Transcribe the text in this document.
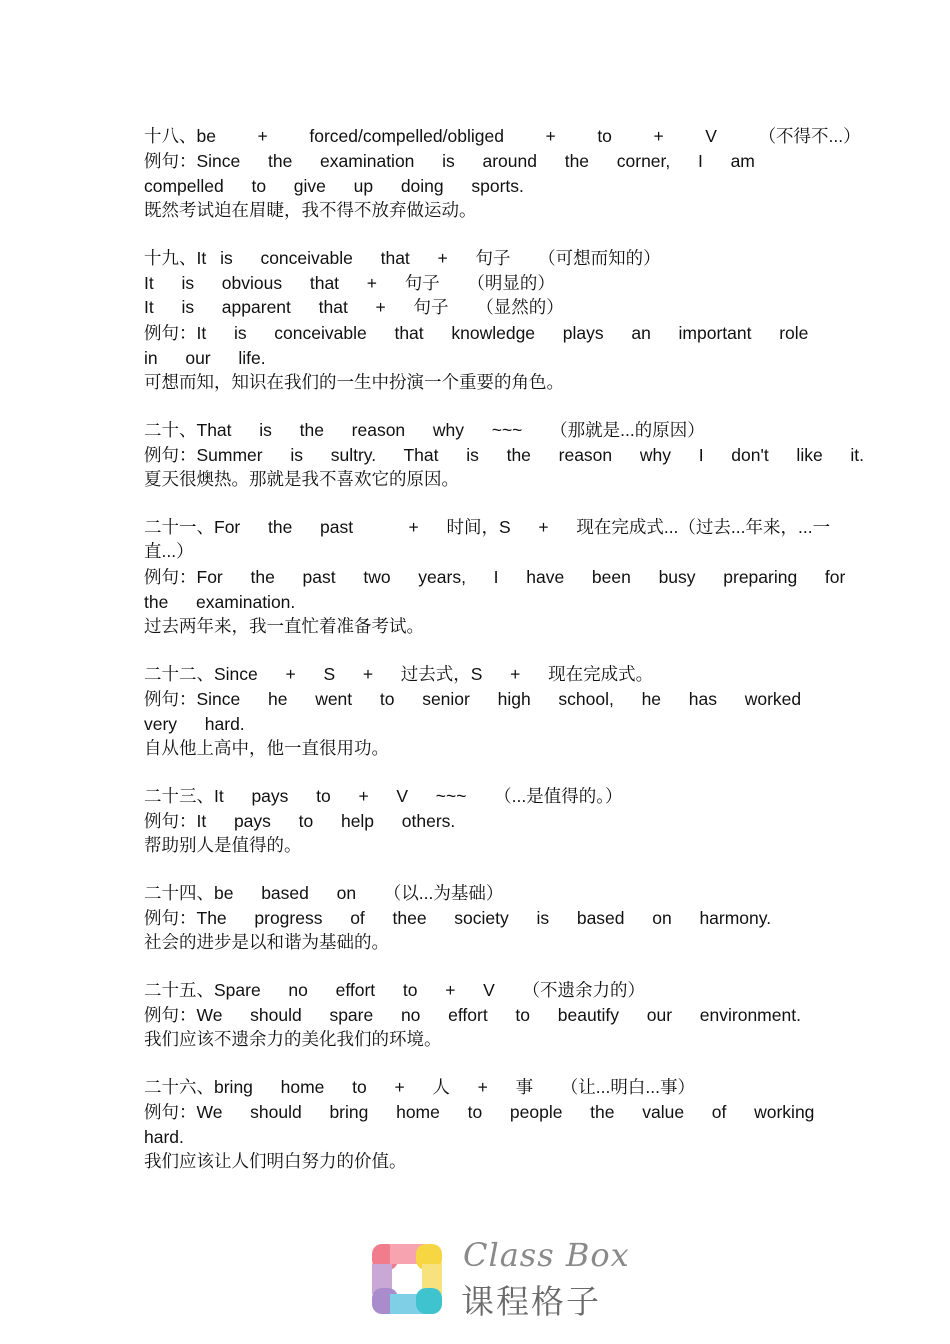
十八、be   +   forced/compelled/obliged   +   to   +   V   （不得不...）
例句：Since  the  examination  is  around  the  corner,  I  am
compelled  to  give  up  doing  sports.
既然考试迫在眉睫，我不得不放弃做运动。
十九、It is  conceivable  that  +  句子  （可想而知的）
It  is  obvious  that  +  句子  （明显的）
It  is  apparent  that  +  句子  （显然的）
例句：It  is  conceivable  that  knowledge  plays  an  important  role
in  our  life.
可想而知，知识在我们的一生中扮演一个重要的角色。
二十、That  is  the  reason  why  ~~~  （那就是...的原因）
例句：Summer  is  sultry.  That  is  the  reason  why  I  don't  like  it.
夏天很燠热。那就是我不喜欢它的原因。
二十一、For  the  past    +  时间，S  +  现在完成式...（过去...年来，...一
直...）
例句：For  the  past  two  years,  I  have  been  busy  preparing  for
the  examination.
过去两年来，我一直忙着准备考试。
二十二、Since  +  S  +  过去式，S  +  现在完成式。
例句：Since  he  went  to  senior  high  school,  he  has  worked
very  hard.
自从他上高中，他一直很用功。
二十三、It  pays  to  +  V  ~~~  （...是值得的。）
例句：It  pays  to  help  others.
帮助别人是值得的。
二十四、be  based  on  （以...为基础）
例句：The  progress  of  thee  society  is  based  on  harmony.
社会的进步是以和谐为基础的。
二十五、Spare  no  effort  to  +  V  （不遗余力的）
例句：We  should  spare  no  effort  to  beautify  our  environment.
我们应该不遗余力的美化我们的环境。
二十六、bring  home  to  +  人  +  事  （让...明白...事）
例句：We  should  bring  home  to  people  the  value  of  working
hard.
我们应该让人们明白努力的价值。
Class Box
课程格子
